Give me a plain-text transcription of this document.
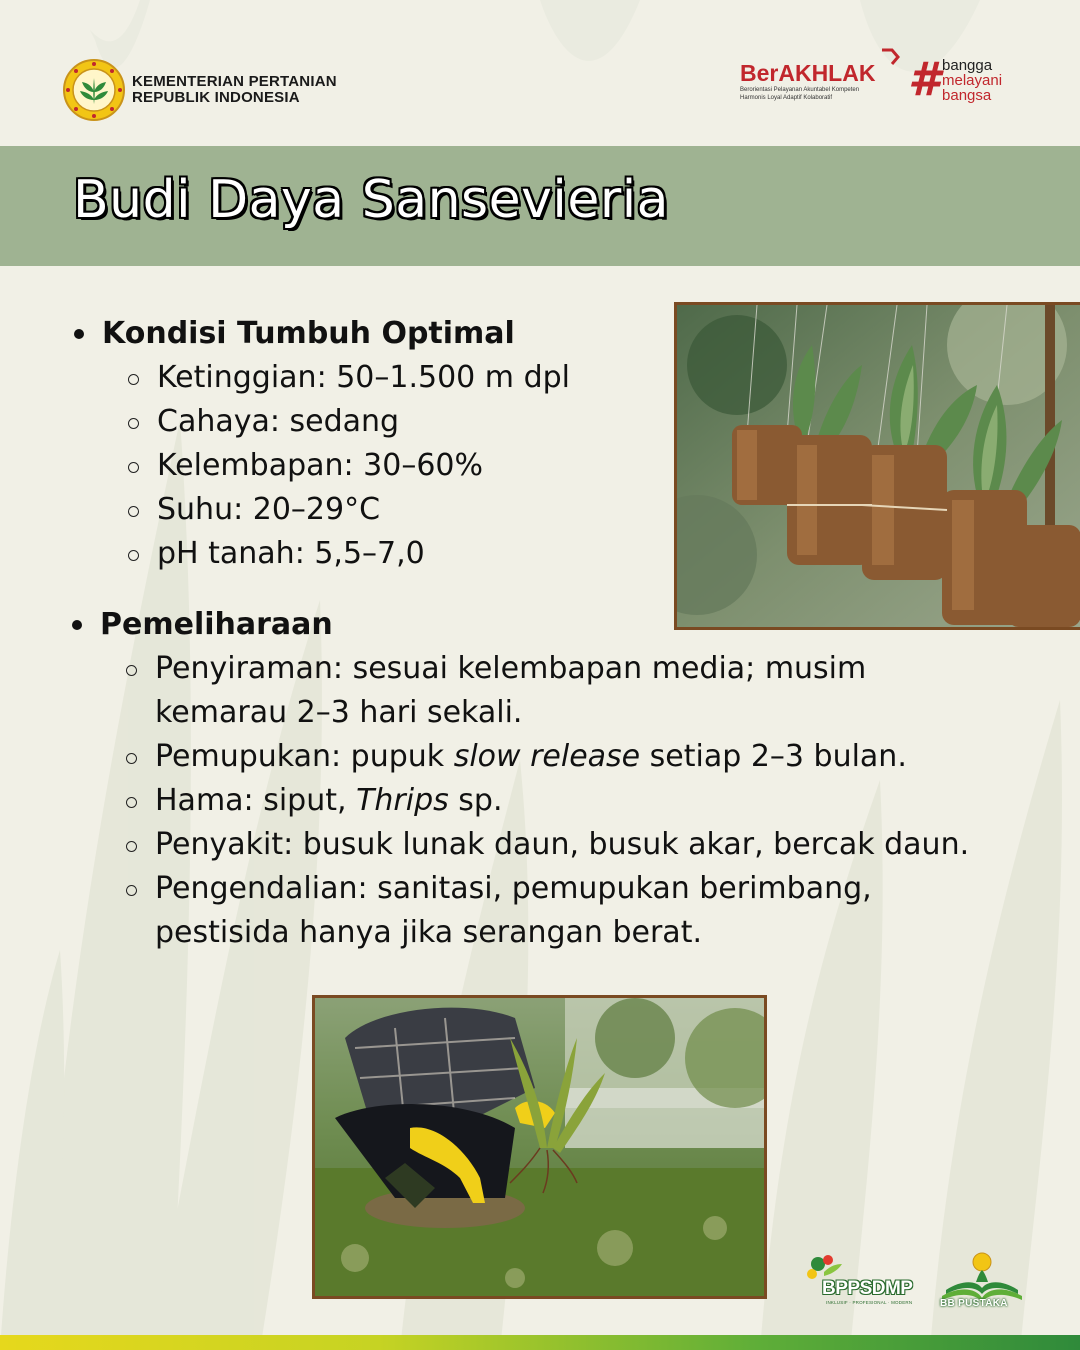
KEMENTERIAN PERTANIAN
REPUBLIK INDONESIA
BerAKHLAK
Berorientasi Pelayanan Akuntabel Kompeten
Harmonis Loyal Adaptif Kolaboratif	# bangga
melayani
bangsa
Budi Daya Sansevieria
Kondisi Tumbuh Optimal
Ketinggian: 50–1.500 m dpl
Cahaya: sedang
Kelembapan: 30–60%
Suhu: 20–29°C
pH tanah: 5,5–7,0
Pemeliharaan
Penyiraman: sesuai kelembapan media; musim kemarau 2–3 hari sekali.
Pemupukan: pupuk slow release setiap 2–3 bulan.
Hama: siput, Thrips sp.
Penyakit: busuk lunak daun, busuk akar, bercak daun.
Pengendalian: sanitasi, pemupukan berimbang, pestisida hanya jika serangan berat.
BPPSDMP
INKLUSIF · PROFESIONAL · MODERN	BB PUSTAKA
